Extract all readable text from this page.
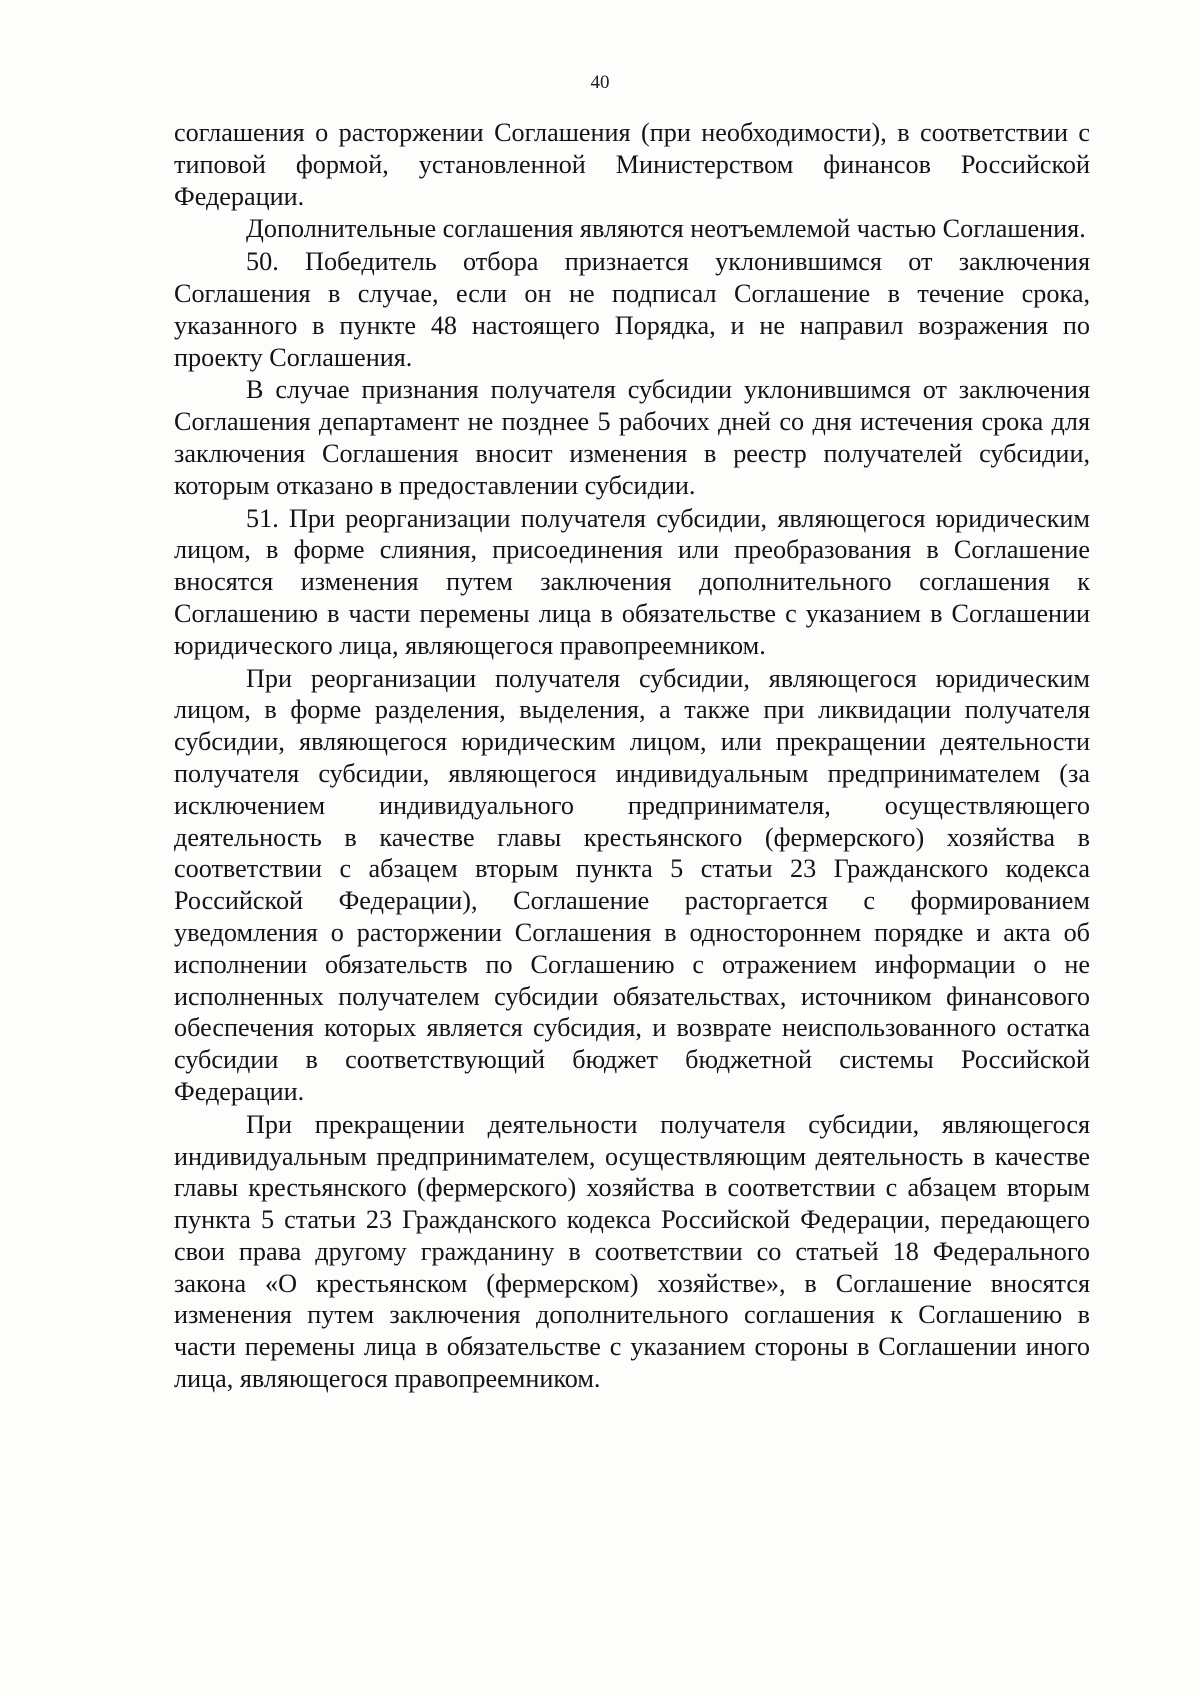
40

соглашения о расторжении Соглашения (при необходимости), в соответствии с типовой формой, установленной Министерством финансов Российской Федерации.

Дополнительные соглашения являются неотъемлемой частью Соглашения.

50. Победитель отбора признается уклонившимся от заключения Соглашения в случае, если он не подписал Соглашение в течение срока, указанного в пункте 48 настоящего Порядка, и не направил возражения по проекту Соглашения.

В случае признания получателя субсидии уклонившимся от заключения Соглашения департамент не позднее 5 рабочих дней со дня истечения срока для заключения Соглашения вносит изменения в реестр получателей субсидии, которым отказано в предоставлении субсидии.

51. При реорганизации получателя субсидии, являющегося юридическим лицом, в форме слияния, присоединения или преобразования в Соглашение вносятся изменения путем заключения дополнительного соглашения к Соглашению в части перемены лица в обязательстве с указанием в Соглашении юридического лица, являющегося правопреемником.

При реорганизации получателя субсидии, являющегося юридическим лицом, в форме разделения, выделения, а также при ликвидации получателя субсидии, являющегося юридическим лицом, или прекращении деятельности получателя субсидии, являющегося индивидуальным предпринимателем (за исключением индивидуального предпринимателя, осуществляющего деятельность в качестве главы крестьянского (фермерского) хозяйства в соответствии с абзацем вторым пункта 5 статьи 23 Гражданского кодекса Российской Федерации), Соглашение расторгается с формированием уведомления о расторжении Соглашения в одностороннем порядке и акта об исполнении обязательств по Соглашению с отражением информации о не исполненных получателем субсидии обязательствах, источником финансового обеспечения которых является субсидия, и возврате неиспользованного остатка субсидии в соответствующий бюджет бюджетной системы Российской Федерации.

При прекращении деятельности получателя субсидии, являющегося индивидуальным предпринимателем, осуществляющим деятельность в качестве главы крестьянского (фермерского) хозяйства в соответствии с абзацем вторым пункта 5 статьи 23 Гражданского кодекса Российской Федерации, передающего свои права другому гражданину в соответствии со статьей 18 Федерального закона «О крестьянском (фермерском) хозяйстве», в Соглашение вносятся изменения путем заключения дополнительного соглашения к Соглашению в части перемены лица в обязательстве с указанием стороны в Соглашении иного лица, являющегося правопреемником.
